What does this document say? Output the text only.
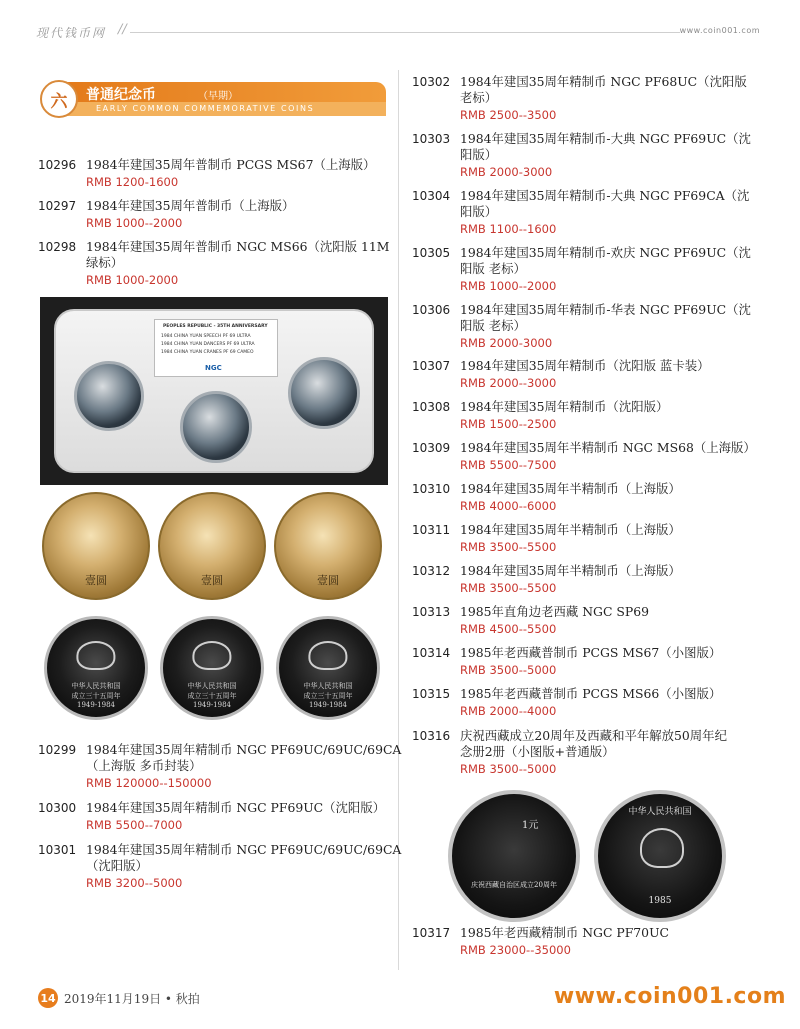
现代钱币网 //	www.coin001.com
六 普通纪念币	（早期）
EARLY COMMON COMMEMORATIVE COINS
10296 1984年建国35周年普制币 PCGS MS67（上海版）
RMB 1200-1600
10297 1984年建国35周年普制币（上海版）
RMB 1000--2000
10298 1984年建国35周年普制币 NGC MS66（沈阳版 11M
绿标）
RMB 1000-2000
10299 1984年建国35周年精制币 NGC PF69UC/69UC/69CA
（上海版 多币封装）
RMB 120000--150000
10300 1984年建国35周年精制币 NGC PF69UC（沈阳版）
RMB 5500--7000
10301 1984年建国35周年精制币 NGC PF69UC/69UC/69CA
（沈阳版）
RMB 3200--5000
10302 1984年建国35周年精制币 NGC PF68UC（沈阳版
老标）
RMB 2500--3500
10303 1984年建国35周年精制币-大典 NGC PF69UC（沈
阳版）
RMB 2000-3000
10304 1984年建国35周年精制币-大典 NGC PF69CA（沈
阳版）
RMB 1100--1600
10305 1984年建国35周年精制币-欢庆 NGC PF69UC（沈
阳版 老标）
RMB 1000--2000
10306 1984年建国35周年精制币-华表 NGC PF69UC（沈
阳版 老标）
RMB 2000-3000
10307 1984年建国35周年精制币（沈阳版 蓝卡装）
RMB 2000--3000
10308 1984年建国35周年精制币（沈阳版）
RMB 1500--2500
10309 1984年建国35周年半精制币 NGC MS68（上海版）
RMB 5500--7500
10310 1984年建国35周年半精制币（上海版）
RMB 4000--6000
10311 1984年建国35周年半精制币（上海版）
RMB 3500--5500
10312 1984年建国35周年半精制币（上海版）
RMB 3500--5500
10313 1985年直角边老西藏 NGC SP69
RMB 4500--5500
10314 1985年老西藏普制币 PCGS MS67（小图版）
RMB 3500--5000
10315 1985年老西藏普制币 PCGS MS66（小图版）
RMB 2000--4000
10316 庆祝西藏成立20周年及西藏和平年解放50周年纪
念册2册（小图版+普通版）
RMB 3500--5000
10317 1985年老西藏精制币 NGC PF70UC
RMB 23000--35000
PEOPLES REPUBLIC - 35TH ANNIVERSARY
1984 CHINA YUAN SPEECH PF 69 ULTRA
1984 CHINA YUAN DANCERS PF 69 ULTRA
1984 CHINA YUAN CRANES PF 69 CAMEO
NGC
壹圆	壹圆	壹圆
中华人民共和国
成立三十五周年
1949-1984
中华人民共和国
成立三十五周年
1949-1984
中华人民共和国
成立三十五周年
1949-1984
1元
庆祝西藏自治区成立20周年
中华人民共和国
1985
14 2019年11月19日 • 秋拍	www.coin001.com
